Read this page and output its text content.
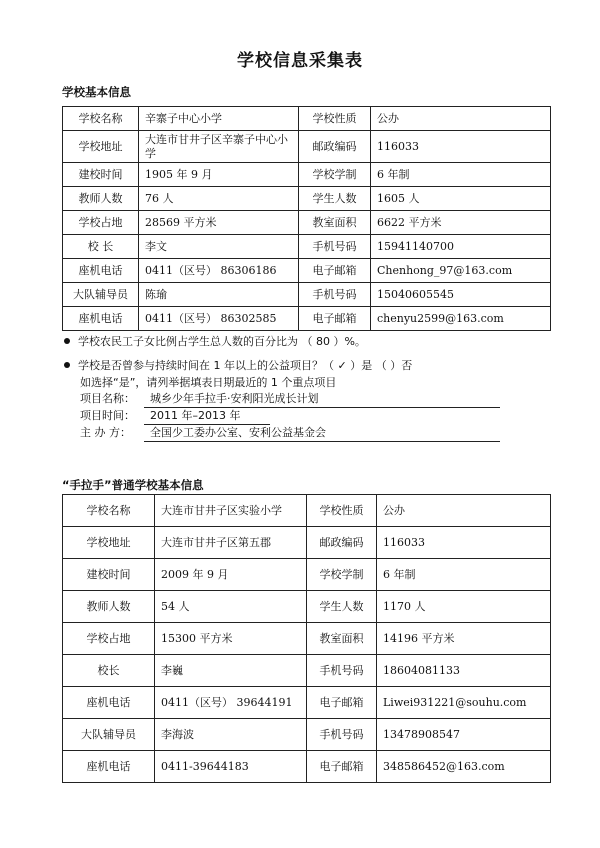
学校信息采集表
学校基本信息
学校名称	辛寨子中心小学	学校性质	公办
学校地址	大连市甘井子区辛寨子中心小学	邮政编码	116033
建校时间	1905 年 9 月	学校学制	6 年制
教师人数	76 人	学生人数	1605 人
学校占地	28569 平方米	教室面积	6622 平方米
校 长	李文	手机号码	15941140700
座机电话	0411（区号） 86306186	电子邮箱	Chenhong_97@163.com
大队辅导员	陈瑜	手机号码	15040605545
座机电话	0411（区号） 86302585	电子邮箱	chenyu2599@163.com
学校农民工子女比例占学生总人数的百分比为 （ 80 ）%。
学校是否曾参与持续时间在 1 年以上的公益项目？（ ✓ ）是 （ ）否
如选择“是”，请列举据填表日期最近的 1 个重点项目
项目名称： 城乡少年手拉手·安利阳光成长计划
项目时间： 2011 年–2013 年
主 办 方： 全国少工委办公室、安利公益基金会
“手拉手”普通学校基本信息
学校名称	大连市甘井子区实验小学	学校性质	公办
学校地址	大连市甘井子区第五郡	邮政编码	116033
建校时间	2009 年 9 月	学校学制	6 年制
教师人数	54 人	学生人数	1170 人
学校占地	15300 平方米	教室面积	14196 平方米
校长	李巍	手机号码	18604081133
座机电话	0411（区号） 39644191	电子邮箱	Liwei931221@souhu.com
大队辅导员	李海波	手机号码	13478908547
座机电话	0411-39644183	电子邮箱	348586452@163.com
